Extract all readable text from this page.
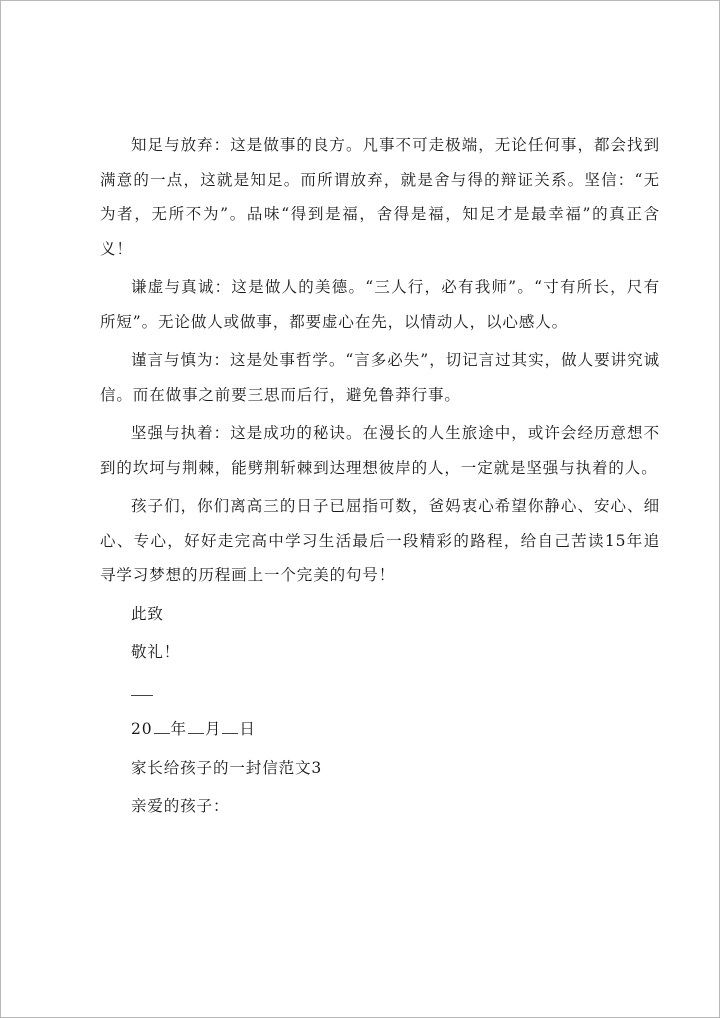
知足与放弃：这是做事的良方。凡事不可走极端，无论任何事，都会找到满意的一点，这就是知足。而所谓放弃，就是舍与得的辩证关系。坚信：“无为者，无所不为”。品味“得到是福，舍得是福，知足才是最幸福”的真正含义！

谦虚与真诚：这是做人的美德。“三人行，必有我师”。“寸有所长，尺有所短”。无论做人或做事，都要虚心在先，以情动人，以心感人。

谨言与慎为：这是处事哲学。“言多必失”，切记言过其实，做人要讲究诚信。而在做事之前要三思而后行，避免鲁莽行事。

坚强与执着：这是成功的秘诀。在漫长的人生旅途中，或许会经历意想不到的坎坷与荆棘，能劈荆斩棘到达理想彼岸的人，一定就是坚强与执着的人。

孩子们，你们离高三的日子已屈指可数，爸妈衷心希望你静心、安心、细心、专心，好好走完高中学习生活最后一段精彩的路程，给自己苦读15年追寻学习梦想的历程画上一个完美的句号！

此致
敬礼！
20 年 月 日
家长给孩子的一封信范文3
亲爱的孩子：
